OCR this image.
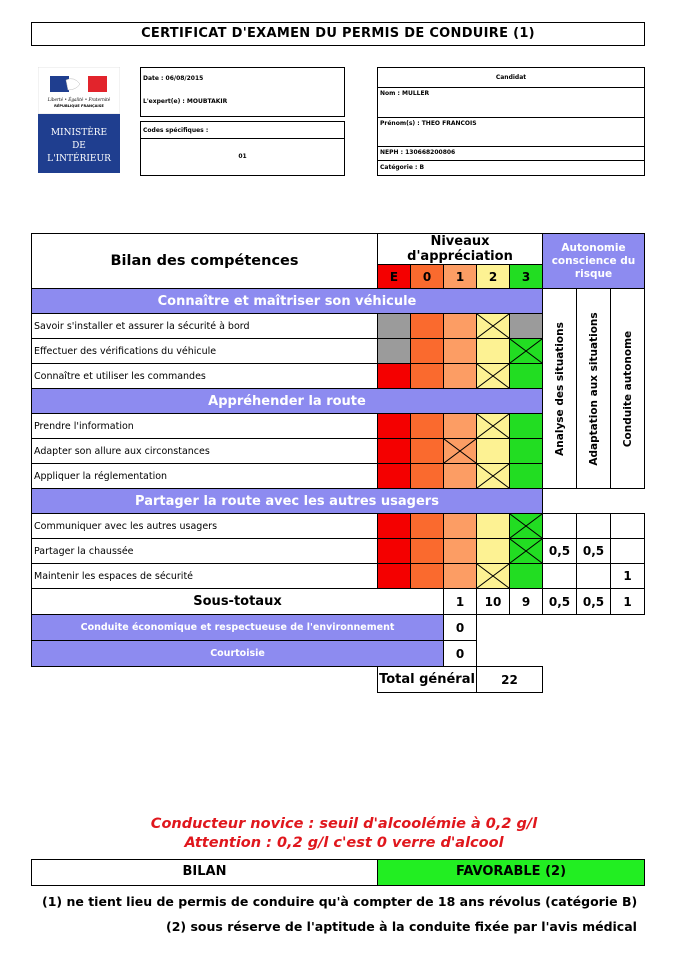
CERTIFICAT D'EXAMEN DU PERMIS DE CONDUIRE (1)
Liberté • Égalité • Fraternité
RÉPUBLIQUE FRANÇAISE
MINISTÈRE
DE
L'INTÉRIEUR
Date : 06/08/2015
L'expert(e) : MOUBTAKIR
Codes spécifiques :
01
Candidat
Nom : MULLER
Prénom(s) : THEO FRANCOIS
NEPH : 130668200806
Catégorie : B
Bilan des compétences	Niveaux d'appréciation					Autonomie conscience du risque		
	E	0	1	2	3			
Connaître et maîtriser son véhicule						Analyse des situations	Adaptation aux situations	Conduite autonome

Savoir s'installer et assurer la sécurité à bord				

Effectuer des vérifications du véhicule					

Connaître et utiliser les commandes				

Appréhender la route								
Prendre l'information				

Adapter son allure aux circonstances			

Appliquer la réglementation				

Partager la route avec les autres usagers								
Communiquer avec les autres usagers					

Partager la chaussée						0,5	0,5	
Maintenir les espaces de sécurité								1
Sous-totaux			1	10	9	0,5	0,5	1
Conduite économique et respectueuse de l'environnement			0					
Courtoisie			0					
	Total général			22				
Conducteur novice : seuil d'alcoolémie à 0,2 g/l
Attention : 0,2 g/l c'est 0 verre d'alcool
BILAN	FAVORABLE (2)
(1) ne tient lieu de permis de conduire qu'à compter de 18 ans révolus (catégorie B)
(2) sous réserve de l'aptitude à la conduite fixée par l'avis médical
